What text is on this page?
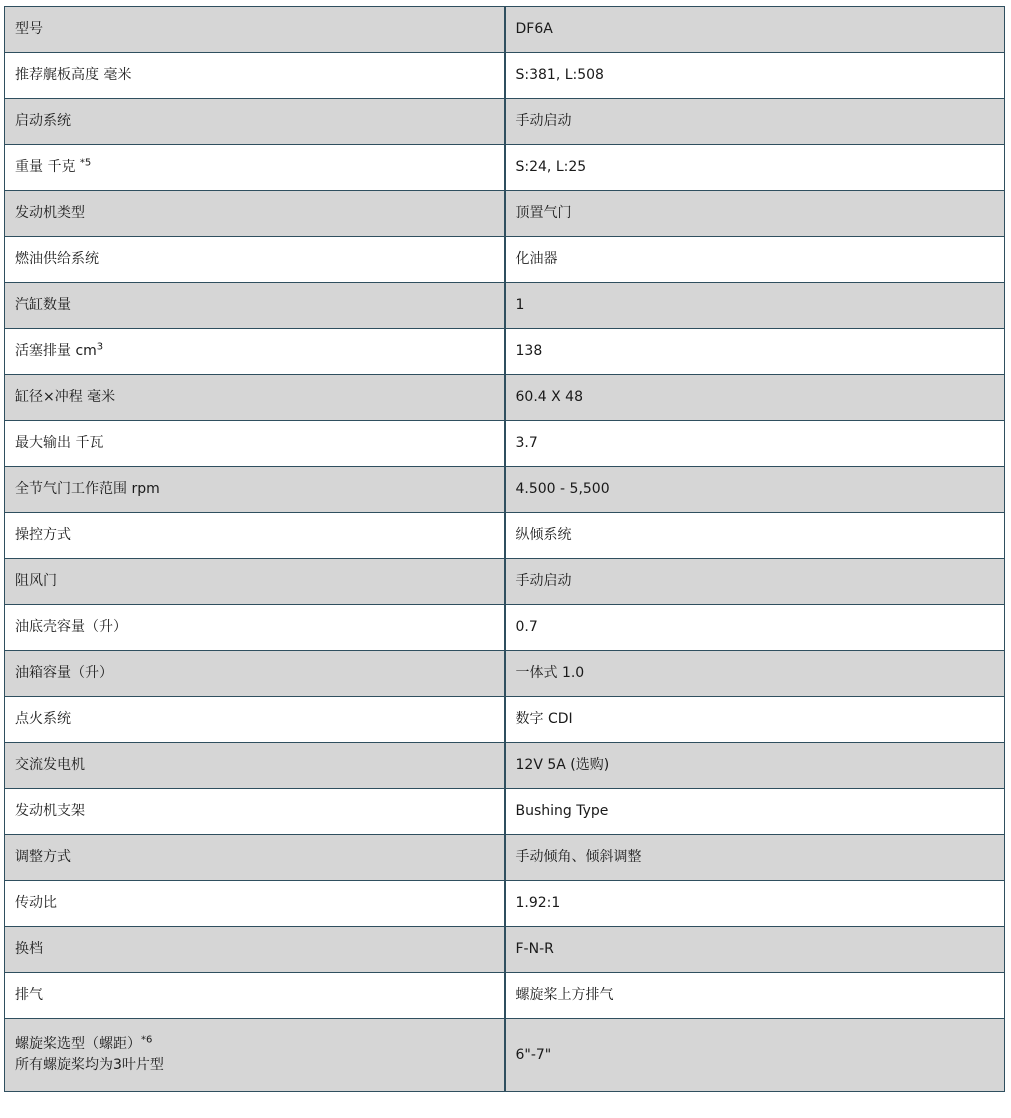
型号	DF6A
推荐艉板高度 毫米	S:381, L:508
启动系统	手动启动
重量 千克 $^{*5}$	S:24, L:25
发动机类型	顶置气门
燃油供给系统	化油器
汽缸数量	1
活塞排量 $cm^3$	138
缸径×冲程 毫米	60.4 X 48
最大输出 千瓦	3.7
全节气门工作范围 rpm	4.500 - 5,500
操控方式	纵倾系统
阻风门	手动启动
油底壳容量（升）	0.7
油箱容量（升）	一体式 1.0
点火系统	数字 CDI
交流发电机	12V 5A (选购)
发动机支架	Bushing Type
调整方式	手动倾角、倾斜调整
传动比	1.92:1
换档	F-N-R
排气	螺旋桨上方排气

螺旋桨选型（螺距）$^{*6}$
所有螺旋桨均为3叶片型	6"-7"
